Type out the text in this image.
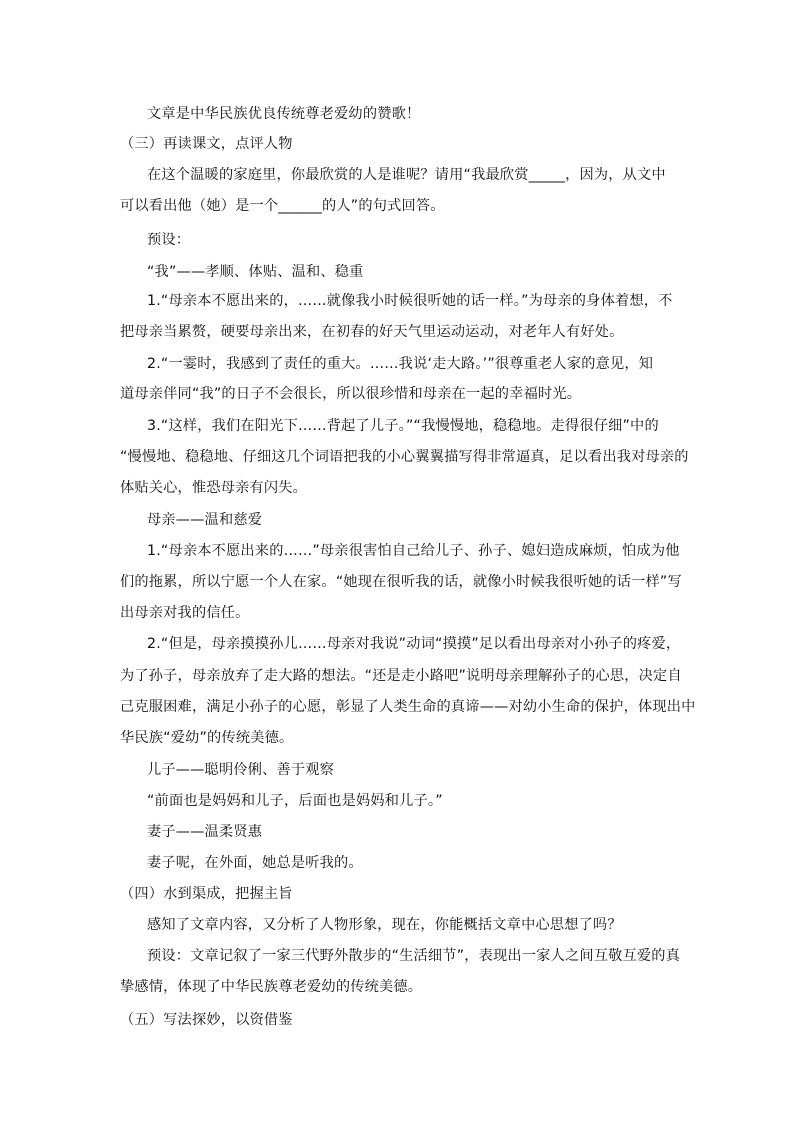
文章是中华民族优良传统尊老爱幼的赞歌！
（三）再读课文，点评人物
在这个温暖的家庭里，你最欣赏的人是谁呢？请用“我最欣赏_____，因为，从文中
可以看出他（她）是一个______的人”的句式回答。
预设：
“我”——孝顺、体贴、温和、稳重
1.“母亲本不愿出来的，……就像我小时候很听她的话一样。”为母亲的身体着想，不
把母亲当累赘，硬要母亲出来，在初春的好天气里运动运动，对老年人有好处。
2.“一霎时，我感到了责任的重大。……我说‘走大路。’”很尊重老人家的意见，知
道母亲伴同“我”的日子不会很长，所以很珍惜和母亲在一起的幸福时光。
3.“这样，我们在阳光下……背起了儿子。”“我慢慢地，稳稳地。走得很仔细”中的
“慢慢地、稳稳地、仔细这几个词语把我的小心翼翼描写得非常逼真，足以看出我对母亲的
体贴关心，惟恐母亲有闪失。
母亲——温和慈爱
1.“母亲本不愿出来的……”母亲很害怕自己给儿子、孙子、媳妇造成麻烦，怕成为他
们的拖累，所以宁愿一个人在家。“她现在很听我的话，就像小时候我很听她的话一样”写
出母亲对我的信任。
2.“但是，母亲摸摸孙儿……母亲对我说”动词“摸摸”足以看出母亲对小孙子的疼爱，
为了孙子，母亲放弃了走大路的想法。“还是走小路吧”说明母亲理解孙子的心思，决定自
己克服困难，满足小孙子的心愿，彰显了人类生命的真谛——对幼小生命的保护，体现出中
华民族“爱幼”的传统美德。
儿子——聪明伶俐、善于观察
“前面也是妈妈和儿子，后面也是妈妈和儿子。”
妻子——温柔贤惠
妻子呢，在外面，她总是听我的。
（四）水到渠成，把握主旨
感知了文章内容，又分析了人物形象，现在，你能概括文章中心思想了吗？
预设：文章记叙了一家三代野外散步的“生活细节”，表现出一家人之间互敬互爱的真
挚感情，体现了中华民族尊老爱幼的传统美德。
（五）写法探妙，以资借鉴
